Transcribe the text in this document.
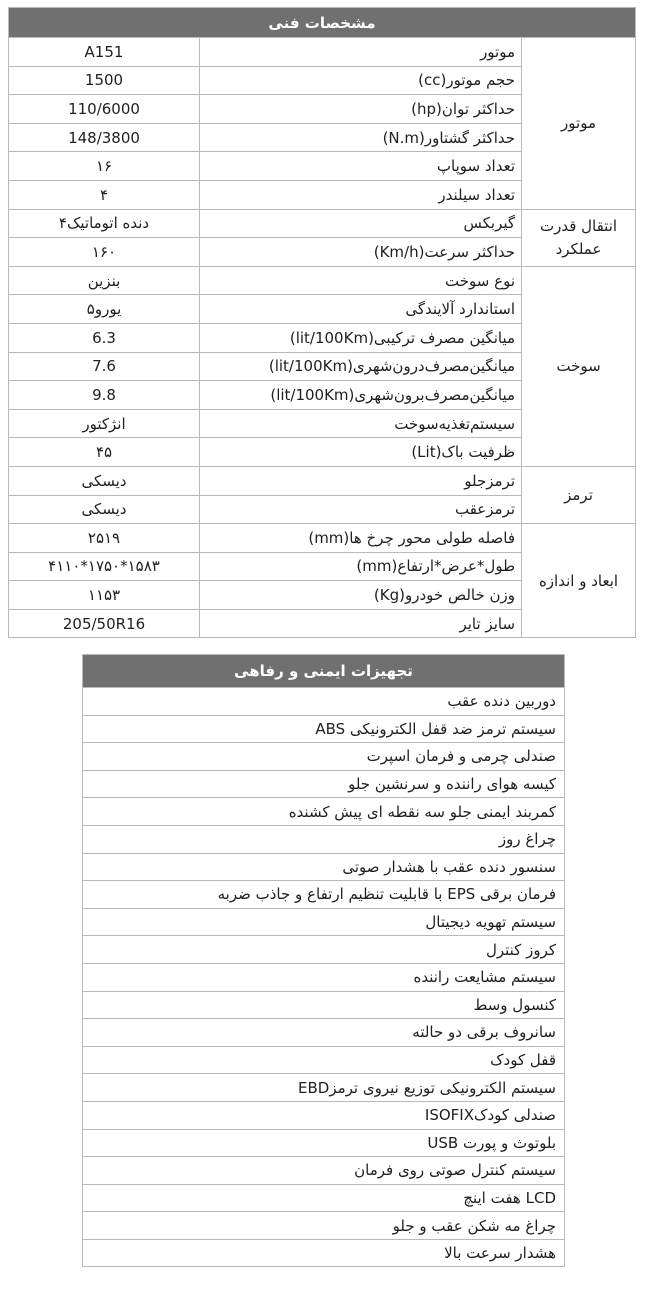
مشخصات فنی		
موتور	موتور	A151
	حجم موتور(cc)	1500
	حداکثر توان(hp)	110/6000
	حداکثر گشتاور(N.m)	148/3800
	تعداد سوپاپ	۱۶
	تعداد سیلندر	۴
انتقال قدرت عملکرد	گیربکس	۴دنده اتوماتیک
	حداکثر سرعت(Km/h)	۱۶۰
سوخت	نوع سوخت	بنزین
	استاندارد آلایندگی	یورو۵
	میانگین مصرف ترکیبی(lit/100Km)	6.3
	میانگین‌مصرف‌درون‌شهری(lit/100Km)	7.6
	میانگین‌مصرف‌برون‌شهری(lit/100Km)	9.8
	سیستم‌تغذیه‌سوخت	انژکتور
	ظرفیت باک(Lit)	۴۵
ترمز	ترمزجلو	دیسکی
	ترمزعقب	دیسکی
ابعاد و اندازه	فاصله طولی محور چرخ ها(mm)	۲۵۱۹
	طول*عرض*ارتفاع(mm)	۴۱۱۰*۱۷۵۰*۱۵۸۳
	وزن خالص خودرو(Kg)	۱۱۵۳
	سایز تایر	205/50R16
تجهیزات ایمنی و رفاهی
دوربین دنده عقب
سیستم ترمز ضد قفل الکترونیکی ABS
صندلی چرمی و فرمان اسپرت
کیسه هوای راننده و سرنشین جلو
کمربند ایمنی جلو سه نقطه ای پیش کشنده
چراغ روز
سنسور دنده عقب با هشدار صوتی
فرمان برقی EPS با قابلیت تنظیم ارتفاع و جاذب ضربه
سیستم تهویه دیجیتال
کروز کنترل
سیستم مشایعت راننده
کنسول وسط
سانروف برقی دو حالته
قفل کودک
سیستم الکترونیکی توزیع نیروی ترمزEBD
صندلی کودکISOFIX
بلوتوث و پورت USB
سیستم کنترل صوتی روی فرمان
LCD هفت اینچ
چراغ مه شکن عقب و جلو
هشدار سرعت بالا
